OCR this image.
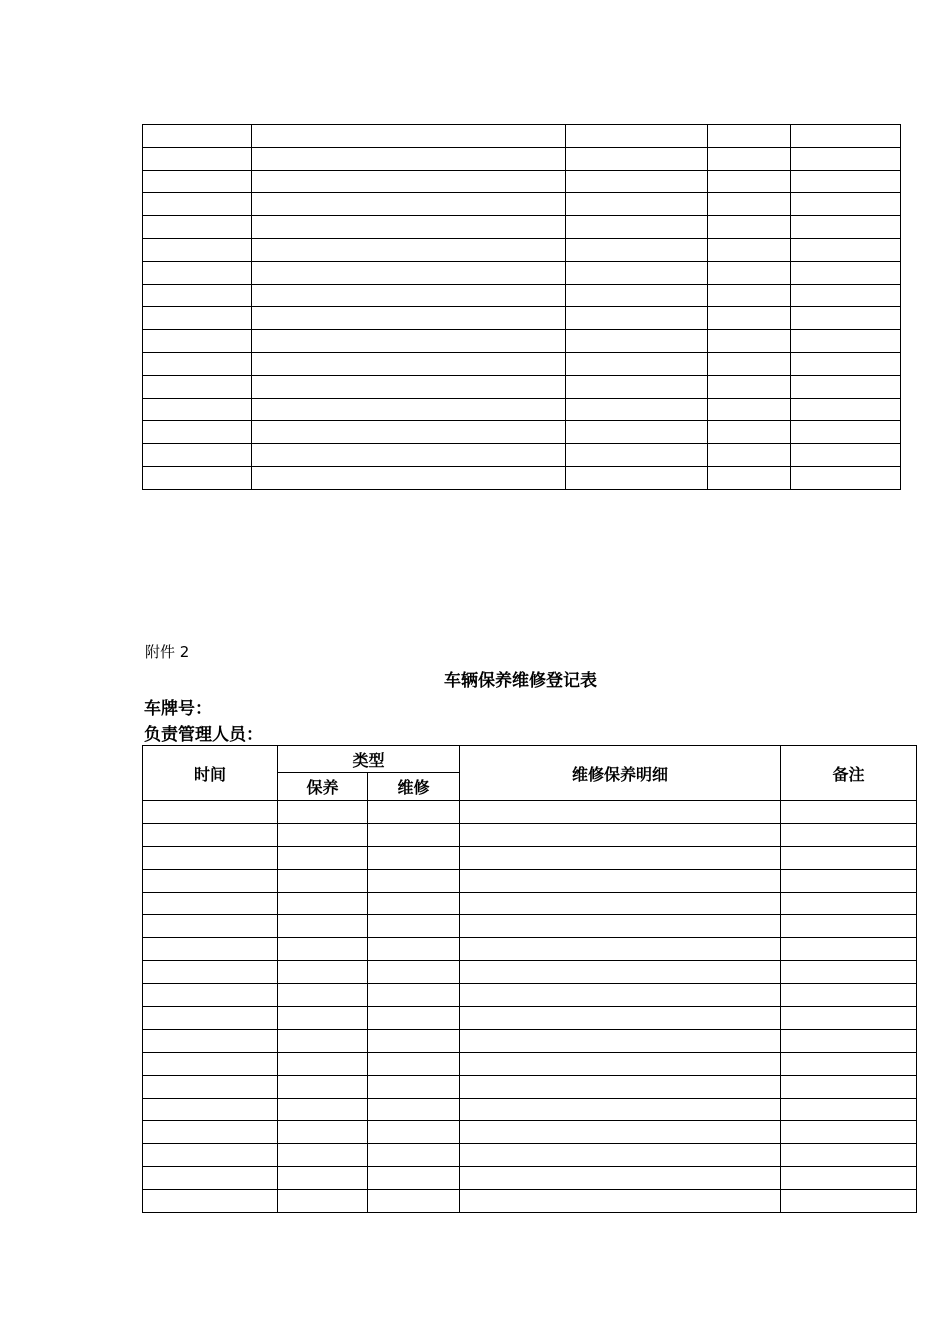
附件 2
车辆保养维修登记表
车牌号：
负责管理人员：
时间	类型		维修保养明细	备注
	保养	维修		
